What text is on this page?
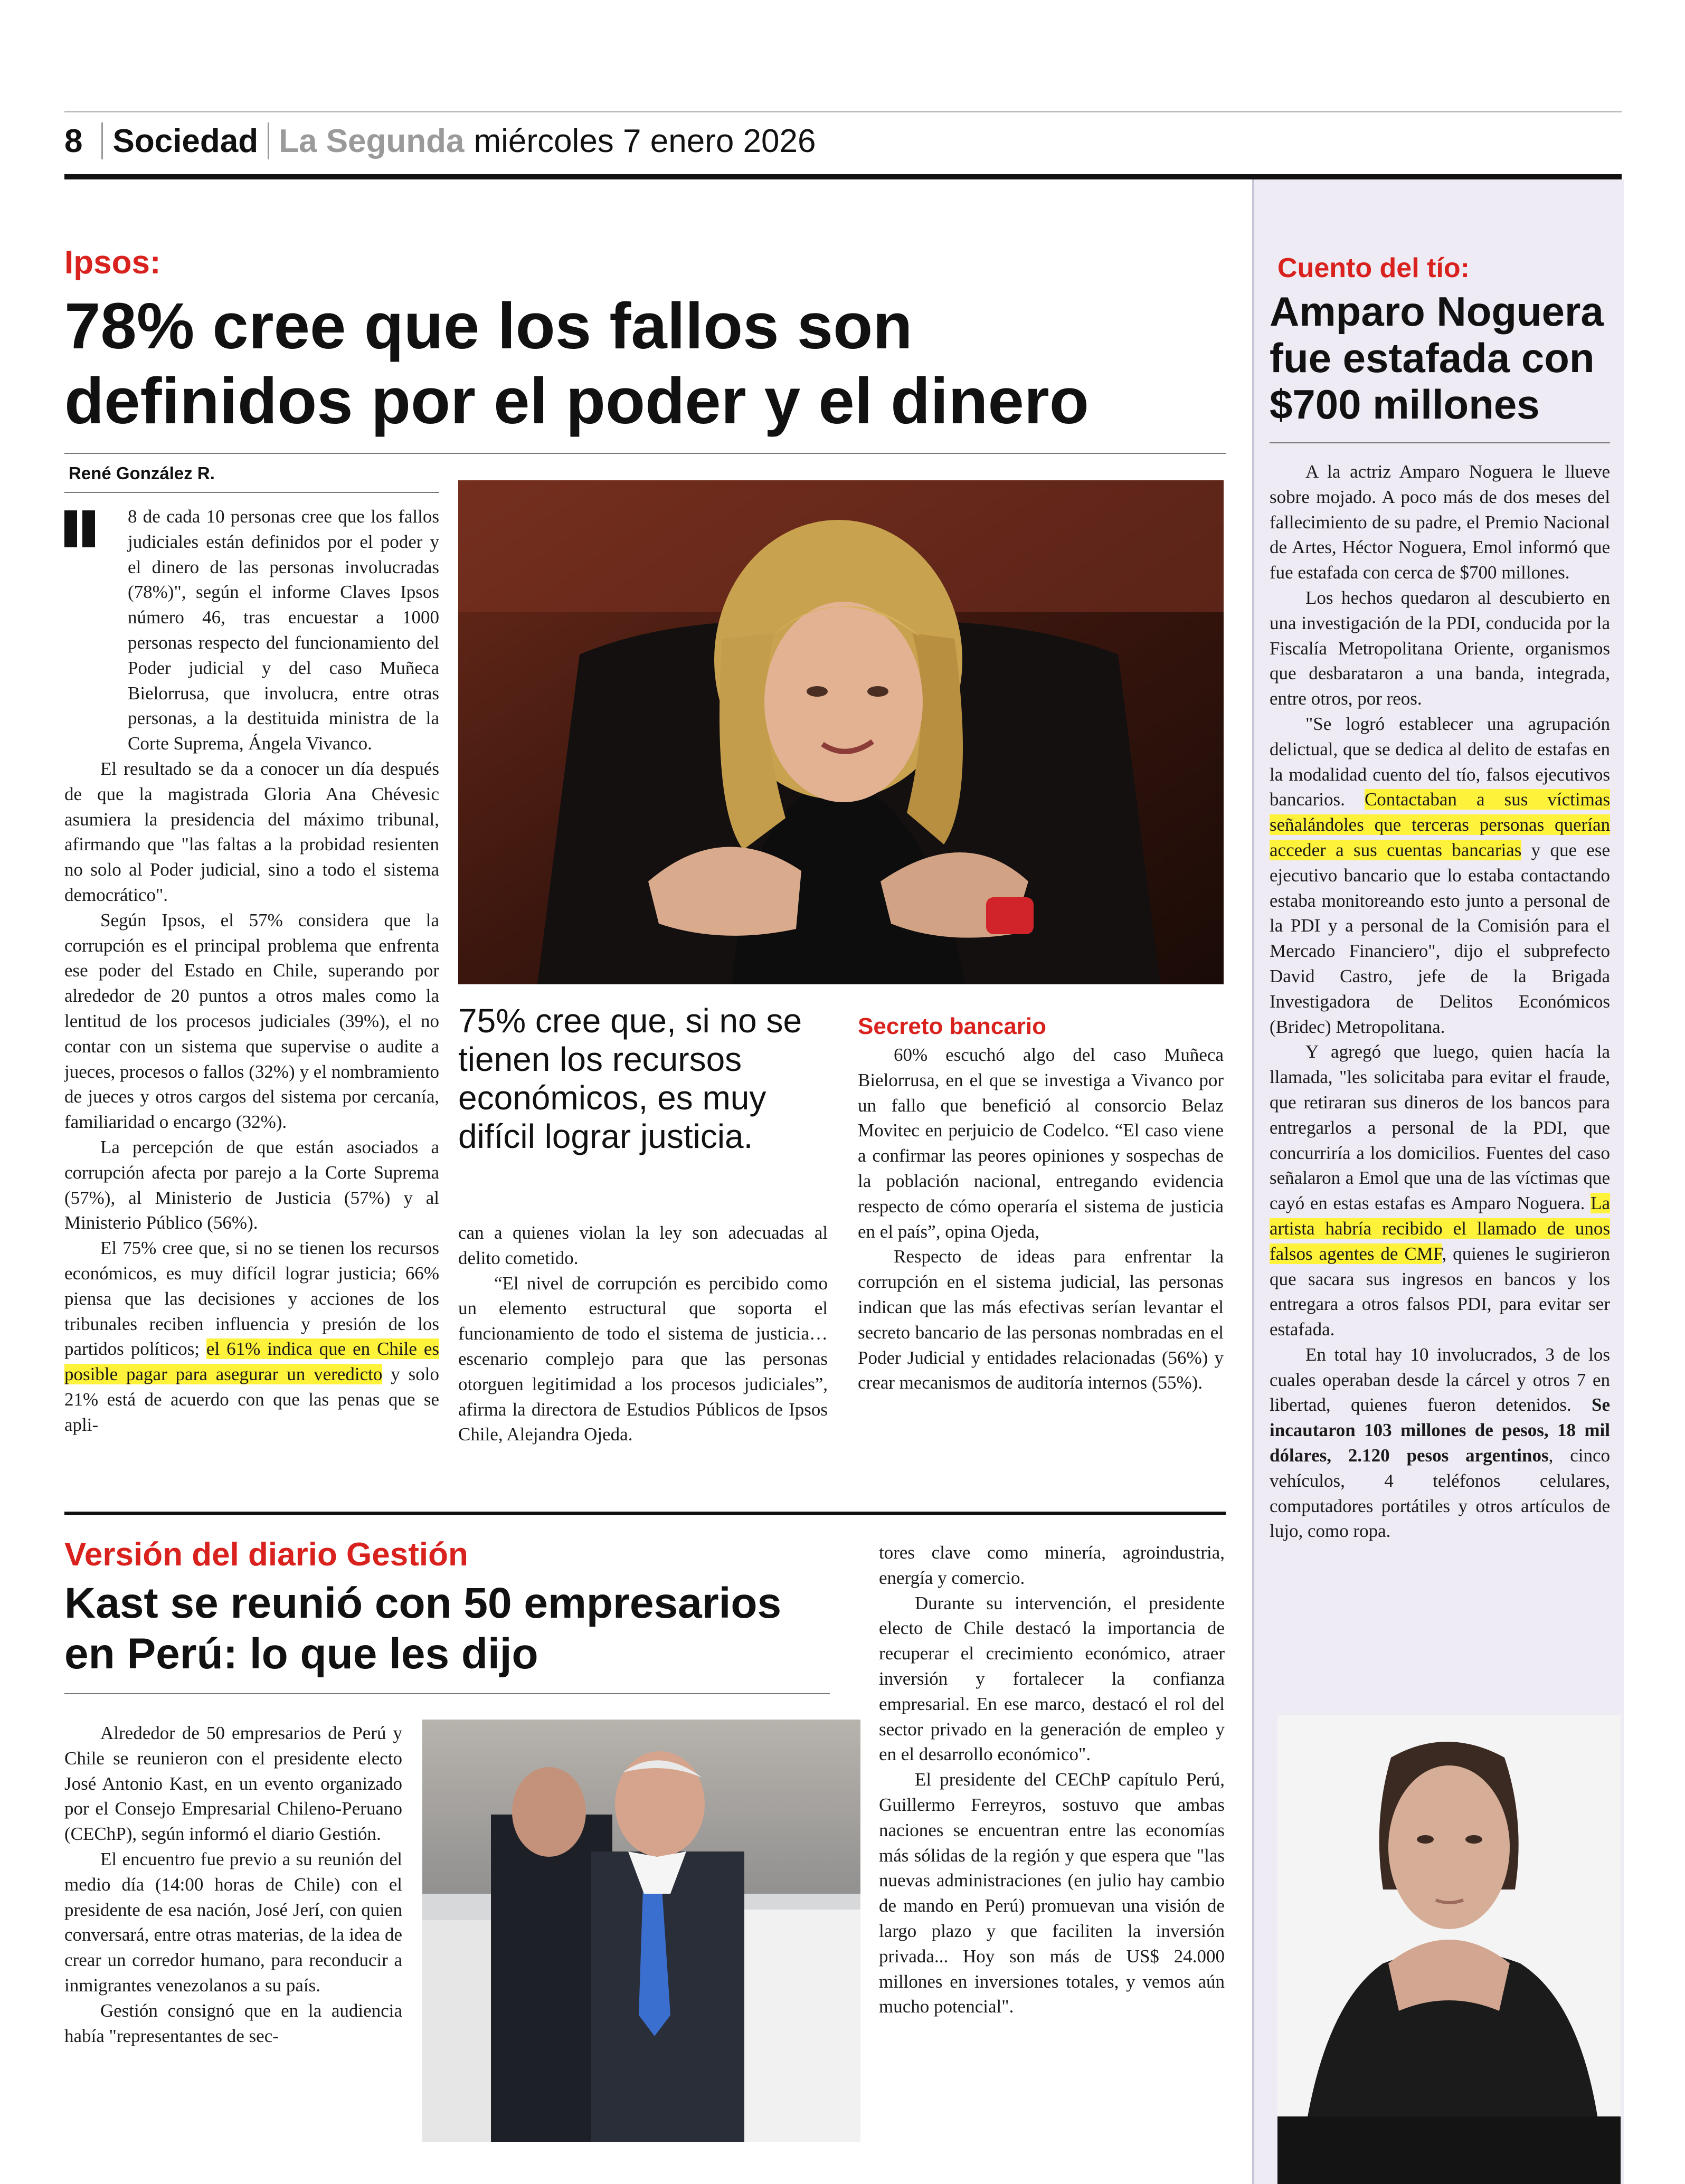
8 Sociedad La Segunda miércoles 7 enero 2026
Ipsos:
78% cree que los fallos son
definidos por el poder y el dinero
René González R.

8 de cada 10 personas cree que los fallos judiciales están definidos por el poder y el dinero de las personas involucradas (78%)", según el informe Claves Ipsos número 46, tras encuestar a 1000 personas respecto del funcionamiento del Poder judicial y del caso Muñeca Bielorrusa, que involucra, entre otras personas, a la destituida ministra de la Corte Suprema, Ángela Vivanco.

El resultado se da a conocer un día después de que la magistrada Gloria Ana Chévesic asumiera la presidencia del máximo tribunal, afirmando que "las faltas a la probidad resienten no solo al Poder judicial, sino a todo el sistema democrático".

Según Ipsos, el 57% considera que la corrupción es el principal problema que enfrenta ese poder del Estado en Chile, superando por alrededor de 20 puntos a otros males como la lentitud de los procesos judiciales (39%), el no contar con un sistema que supervise o audite a jueces, procesos o fallos (32%) y el nombramiento de jueces y otros cargos del sistema por cercanía, familiaridad o encargo (32%).

La percepción de que están asociados a corrupción afecta por parejo a la Corte Suprema (57%), al Ministerio de Justicia (57%) y al Ministerio Público (56%).

El 75% cree que, si no se tienen los recursos económicos, es muy difícil lograr justicia; 66% piensa que las decisiones y acciones de los tribunales reciben influencia y presión de los partidos políticos; el 61% indica que en Chile es posible pagar para asegurar un veredicto y solo 21% está de acuerdo con que las penas que se apli-

75% cree que, si no se tienen los recursos económicos, es muy difícil lograr justicia.

can a quienes violan la ley son adecuadas al delito cometido.

“El nivel de corrupción es percibido como un elemento estructural que soporta el funcionamiento de todo el sistema de justicia… escenario complejo para que las personas otorguen legitimidad a los procesos judiciales”, afirma la directora de Estudios Públicos de Ipsos Chile, Alejandra Ojeda.

Secreto bancario

60% escuchó algo del caso Muñeca Bielorrusa, en el que se investiga a Vivanco por un fallo que benefició al consorcio Belaz Movitec en perjuicio de Codelco. “El caso viene a confirmar las peores opiniones y sospechas de la población nacional, entregando evidencia respecto de cómo operaría el sistema de justicia en el país”, opina Ojeda,

Respecto de ideas para enfrentar la corrupción en el sistema judicial, las personas indican que las más efectivas serían levantar el secreto bancario de las personas nombradas en el Poder Judicial y entidades relacionadas (56%) y crear mecanismos de auditoría internos (55%).

Versión del diario Gestión
Kast se reunió con 50 empresarios
en Perú: lo que les dijo

Alrededor de 50 empresarios de Perú y Chile se reunieron con el presidente electo José Antonio Kast, en un evento organizado por el Consejo Empresarial Chileno-Peruano (CEChP), según informó el diario Gestión.

El encuentro fue previo a su reunión del medio día (14:00 horas de Chile) con el presidente de esa nación, José Jerí, con quien conversará, entre otras materias, de la idea de crear un corredor humano, para reconducir a inmigrantes venezolanos a su país.

Gestión consignó que en la audiencia había "representantes de sec-

tores clave como minería, agroindustria, energía y comercio.

Durante su intervención, el presidente electo de Chile destacó la importancia de recuperar el crecimiento económico, atraer inversión y fortalecer la confianza empresarial. En ese marco, destacó el rol del sector privado en la generación de empleo y en el desarrollo económico".

El presidente del CEChP capítulo Perú, Guillermo Ferreyros, sostuvo que ambas naciones se encuentran entre las economías más sólidas de la región y que espera que "las nuevas administraciones (en julio hay cambio de mando en Perú) promuevan una visión de largo plazo y que faciliten la inversión privada... Hoy son más de US$ 24.000 millones en inversiones totales, y vemos aún mucho potencial".

Cuento del tío:
Amparo Noguera
fue estafada con
$700 millones

A la actriz Amparo Noguera le llueve sobre mojado. A poco más de dos meses del fallecimiento de su padre, el Premio Nacional de Artes, Héctor Noguera, Emol informó que fue estafada con cerca de $700 millones.

Los hechos quedaron al descubierto en una investigación de la PDI, conducida por la Fiscalía Metropolitana Oriente, organismos que desbarataron a una banda, integrada, entre otros, por reos.

"Se logró establecer una agrupación delictual, que se dedica al delito de estafas en la modalidad cuento del tío, falsos ejecutivos bancarios. Contactaban a sus víctimas señalándoles que terceras personas querían acceder a sus cuentas bancarias y que ese ejecutivo bancario que lo estaba contactando estaba monitoreando esto junto a personal de la PDI y a personal de la Comisión para el Mercado Financiero", dijo el subprefecto David Castro, jefe de la Brigada Investigadora de Delitos Económicos (Bridec) Metropolitana.

Y agregó que luego, quien hacía la llamada, "les solicitaba para evitar el fraude, que retiraran sus dineros de los bancos para entregarlos a personal de la PDI, que concurriría a los domicilios. Fuentes del caso señalaron a Emol que una de las víctimas que cayó en estas estafas es Amparo Noguera. La artista habría recibido el llamado de unos falsos agentes de CMF, quienes le sugirieron que sacara sus ingresos en bancos y los entregara a otros falsos PDI, para evitar ser estafada.

En total hay 10 involucrados, 3 de los cuales operaban desde la cárcel y otros 7 en libertad, quienes fueron detenidos. Se incautaron 103 millones de pesos, 18 mil dólares, 2.120 pesos argentinos, cinco vehículos, 4 teléfonos celulares, computadores portátiles y otros artículos de lujo, como ropa.
